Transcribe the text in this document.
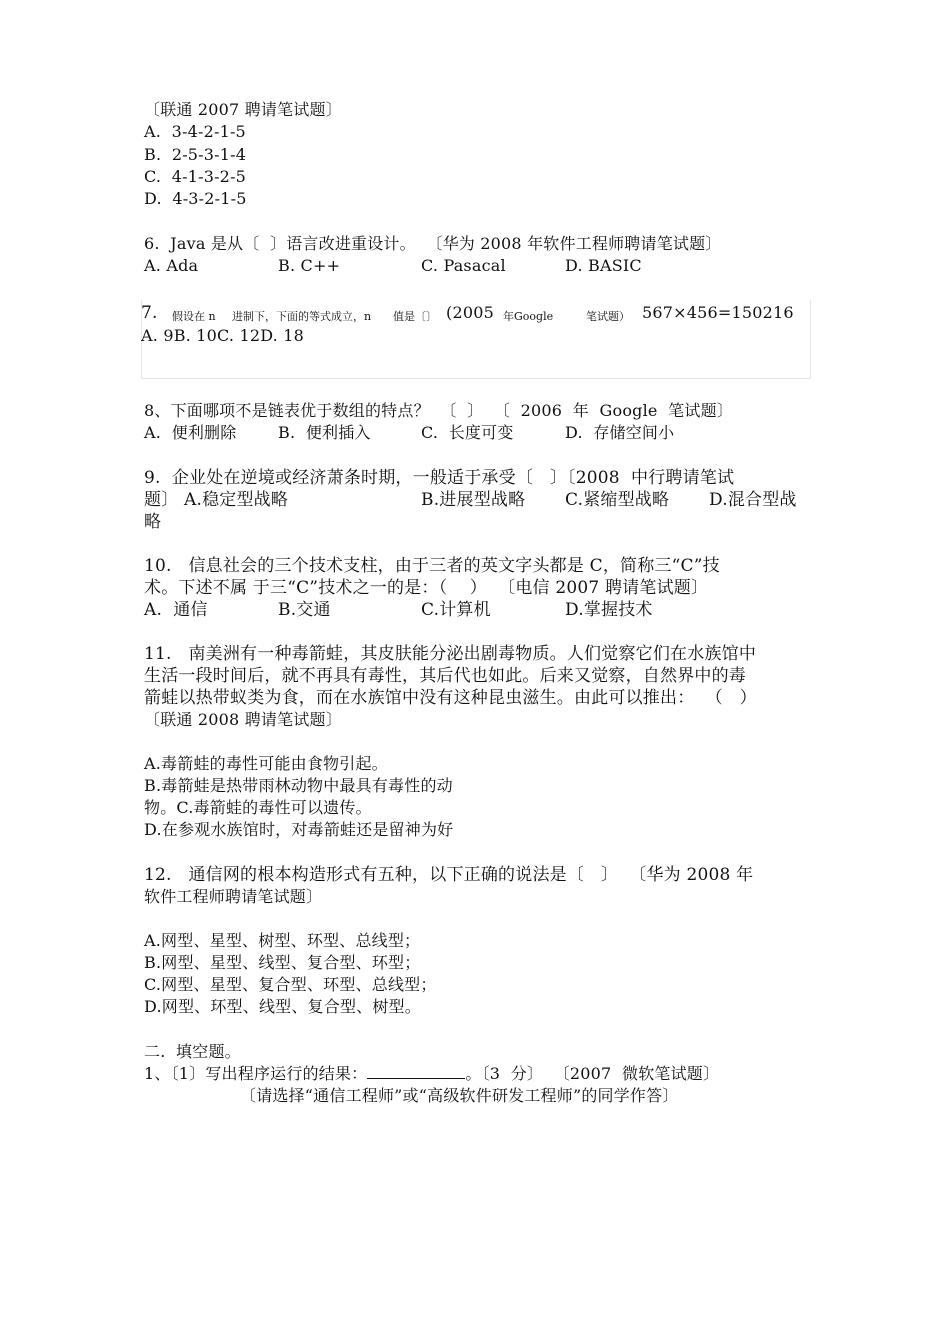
〔联通 2007 聘请笔试题〕
A.  3-4-2-1-5
B.  2-5-3-1-4
C.  4-1-3-2-5
D.  4-3-2-1-5
6.  Java 是从〔  〕语言改进重设计。  〔华为 2008 年软件工程师聘请笔试题〕
A. Ada	B. C++	C. Pasacal	D. BASIC
7. 假设在 n 进制下，下面的等式成立，n 值是〔〕 (2005 年Google	笔试题） 567×456=150216
A. 9B. 10C. 12D. 18
8、下面哪项不是链表优于数组的特点？  〔  〕  〔  2006  年  Google  笔试题〕
A.  便利删除	B.  便利插入	C.  长度可变	D.  存储空间小
9.  企业处在逆境或经济萧条时期，一般适于承受〔   〕〔2008  中行聘请笔试
题〕 A.稳定型战略	B.进展型战略 C.紧缩型战略 D.混合型战
略
10.   信息社会的三个技术支柱，由于三者的英文字头都是 C，简称三“C”技
术。下述不属 于三“C”技术之一的是：（    ）  〔电信 2007 聘请笔试题〕
A.  通信	B.交通	C.计算机	D.掌握技术
11.   南美洲有一种毒箭蛙，其皮肤能分泌出剧毒物质。人们觉察它们在水族馆中
生活一段时间后，就不再具有毒性，其后代也如此。后来又觉察，自然界中的毒
箭蛙以热带蚁类为食，而在水族馆中没有这种昆虫滋生。由此可以推出：  （   ）
〔联通 2008 聘请笔试题〕
A.毒箭蛙的毒性可能由食物引起。
B.毒箭蛙是热带雨林动物中最具有毒性的动
物。C.毒箭蛙的毒性可以遗传。
D.在参观水族馆时，对毒箭蛙还是留神为好
12.   通信网的根本构造形式有五种，以下正确的说法是〔   〕  〔华为 2008 年
软件工程师聘请笔试题〕
A.网型、星型、树型、环型、总线型；
B.网型、星型、线型、复合型、环型；
C.网型、星型、复合型、环型、总线型；
D.网型、环型、线型、复合型、树型。
二.  填空题。
1、〔1〕写出程序运行的结果：	。〔3  分〕  〔2007  微软笔试题〕
〔请选择“通信工程师”或“高级软件研发工程师”的同学作答〕
